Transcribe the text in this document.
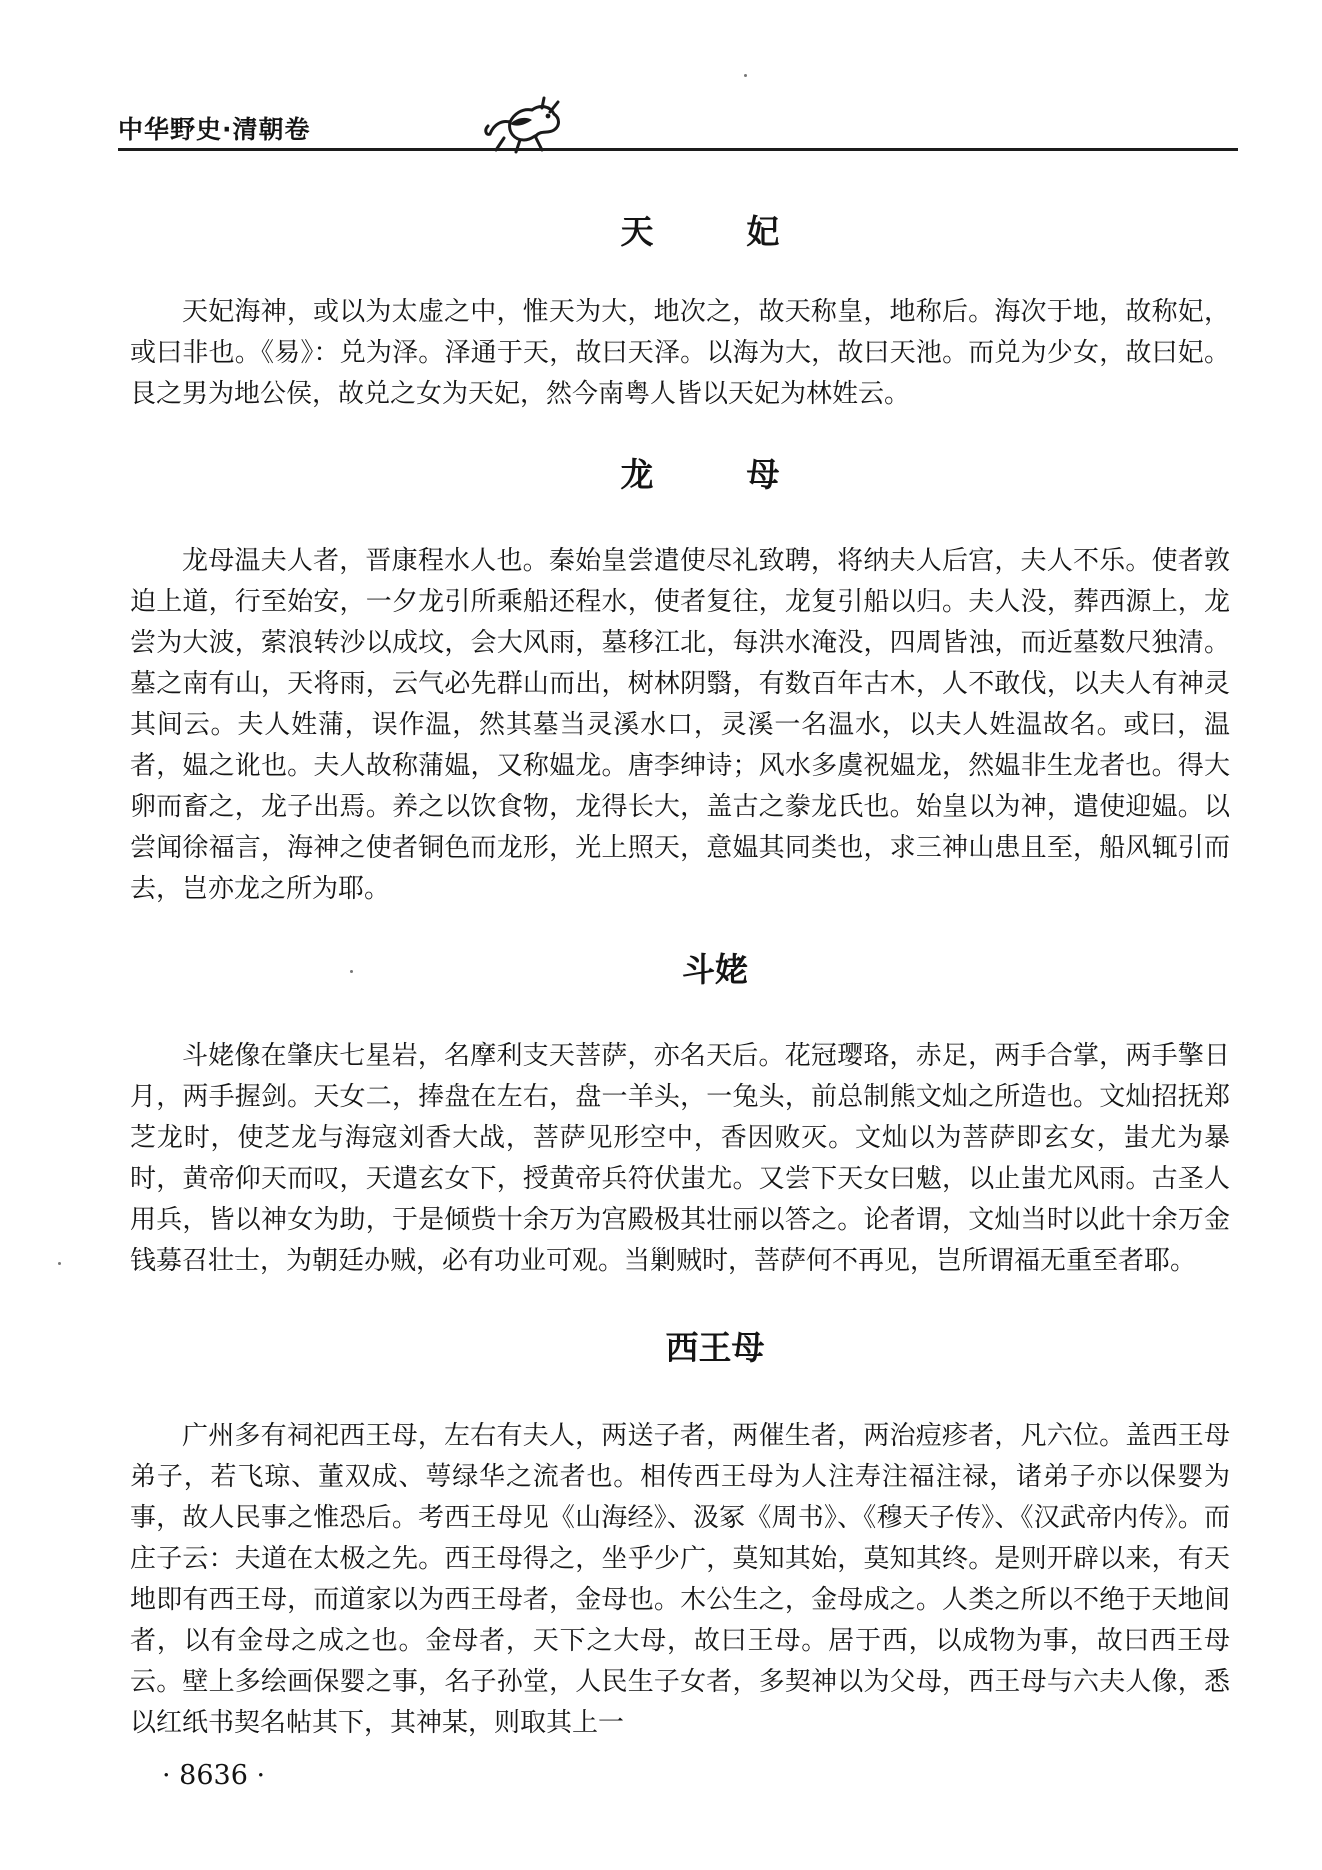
中华野史·清朝卷
天　妃

天妃海神，或以为太虚之中，惟天为大，地次之，故天称皇，地称后。海次于地，故称妃，或曰非也。《易》：兑为泽。泽通于天，故曰天泽。以海为大，故曰天池。而兑为少女，故曰妃。艮之男为地公侯，故兑之女为天妃，然今南粤人皆以天妃为林姓云。

龙　母

龙母温夫人者，晋康程水人也。秦始皇尝遣使尽礼致聘，将纳夫人后宫，夫人不乐。使者敦迫上道，行至始安，一夕龙引所乘船还程水，使者复往，龙复引船以归。夫人没，葬西源上，龙尝为大波，萦浪转沙以成坟，会大风雨，墓移江北，每洪水淹没，四周皆浊，而近墓数尺独清。墓之南有山，天将雨，云气必先群山而出，树林阴翳，有数百年古木，人不敢伐，以夫人有神灵其间云。夫人姓蒲，误作温，然其墓当灵溪水口，灵溪一名温水，以夫人姓温故名。或曰，温者，媪之讹也。夫人故称蒲媪，又称媪龙。唐李绅诗；风水多虞祝媪龙，然媪非生龙者也。得大卵而畜之，龙子出焉。养之以饮食物，龙得长大，盖古之豢龙氏也。始皇以为神，遣使迎媪。以尝闻徐福言，海神之使者铜色而龙形，光上照天，意媪其同类也，求三神山患且至，船风辄引而去，岂亦龙之所为耶。

斗姥

斗姥像在肇庆七星岩，名摩利支天菩萨，亦名天后。花冠璎珞，赤足，两手合掌，两手擎日月，两手握剑。天女二，捧盘在左右，盘一羊头，一兔头，前总制熊文灿之所造也。文灿招抚郑芝龙时，使芝龙与海寇刘香大战，菩萨见形空中，香因败灭。文灿以为菩萨即玄女，蚩尤为暴时，黄帝仰天而叹，天遣玄女下，授黄帝兵符伏蚩尤。又尝下天女曰魃，以止蚩尤风雨。古圣人用兵，皆以神女为助，于是倾赀十余万为宫殿极其壮丽以答之。论者谓，文灿当时以此十余万金钱募召壮士，为朝廷办贼，必有功业可观。当剿贼时，菩萨何不再见，岂所谓福无重至者耶。

西王母

广州多有祠祀西王母，左右有夫人，两送子者，两催生者，两治痘疹者，凡六位。盖西王母弟子，若飞琼、董双成、萼绿华之流者也。相传西王母为人注寿注福注禄，诸弟子亦以保婴为事，故人民事之惟恐后。考西王母见《山海经》、汲冢《周书》、《穆天子传》、《汉武帝内传》。而庄子云：夫道在太极之先。西王母得之，坐乎少广，莫知其始，莫知其终。是则开辟以来，有天地即有西王母，而道家以为西王母者，金母也。木公生之，金母成之。人类之所以不绝于天地间者，以有金母之成之也。金母者，天下之大母，故曰王母。居于西，以成物为事，故曰西王母云。壁上多绘画保婴之事，名子孙堂，人民生子女者，多契神以为父母，西王母与六夫人像，悉以红纸书契名帖其下，其神某，则取其上一

· 8636 ·
